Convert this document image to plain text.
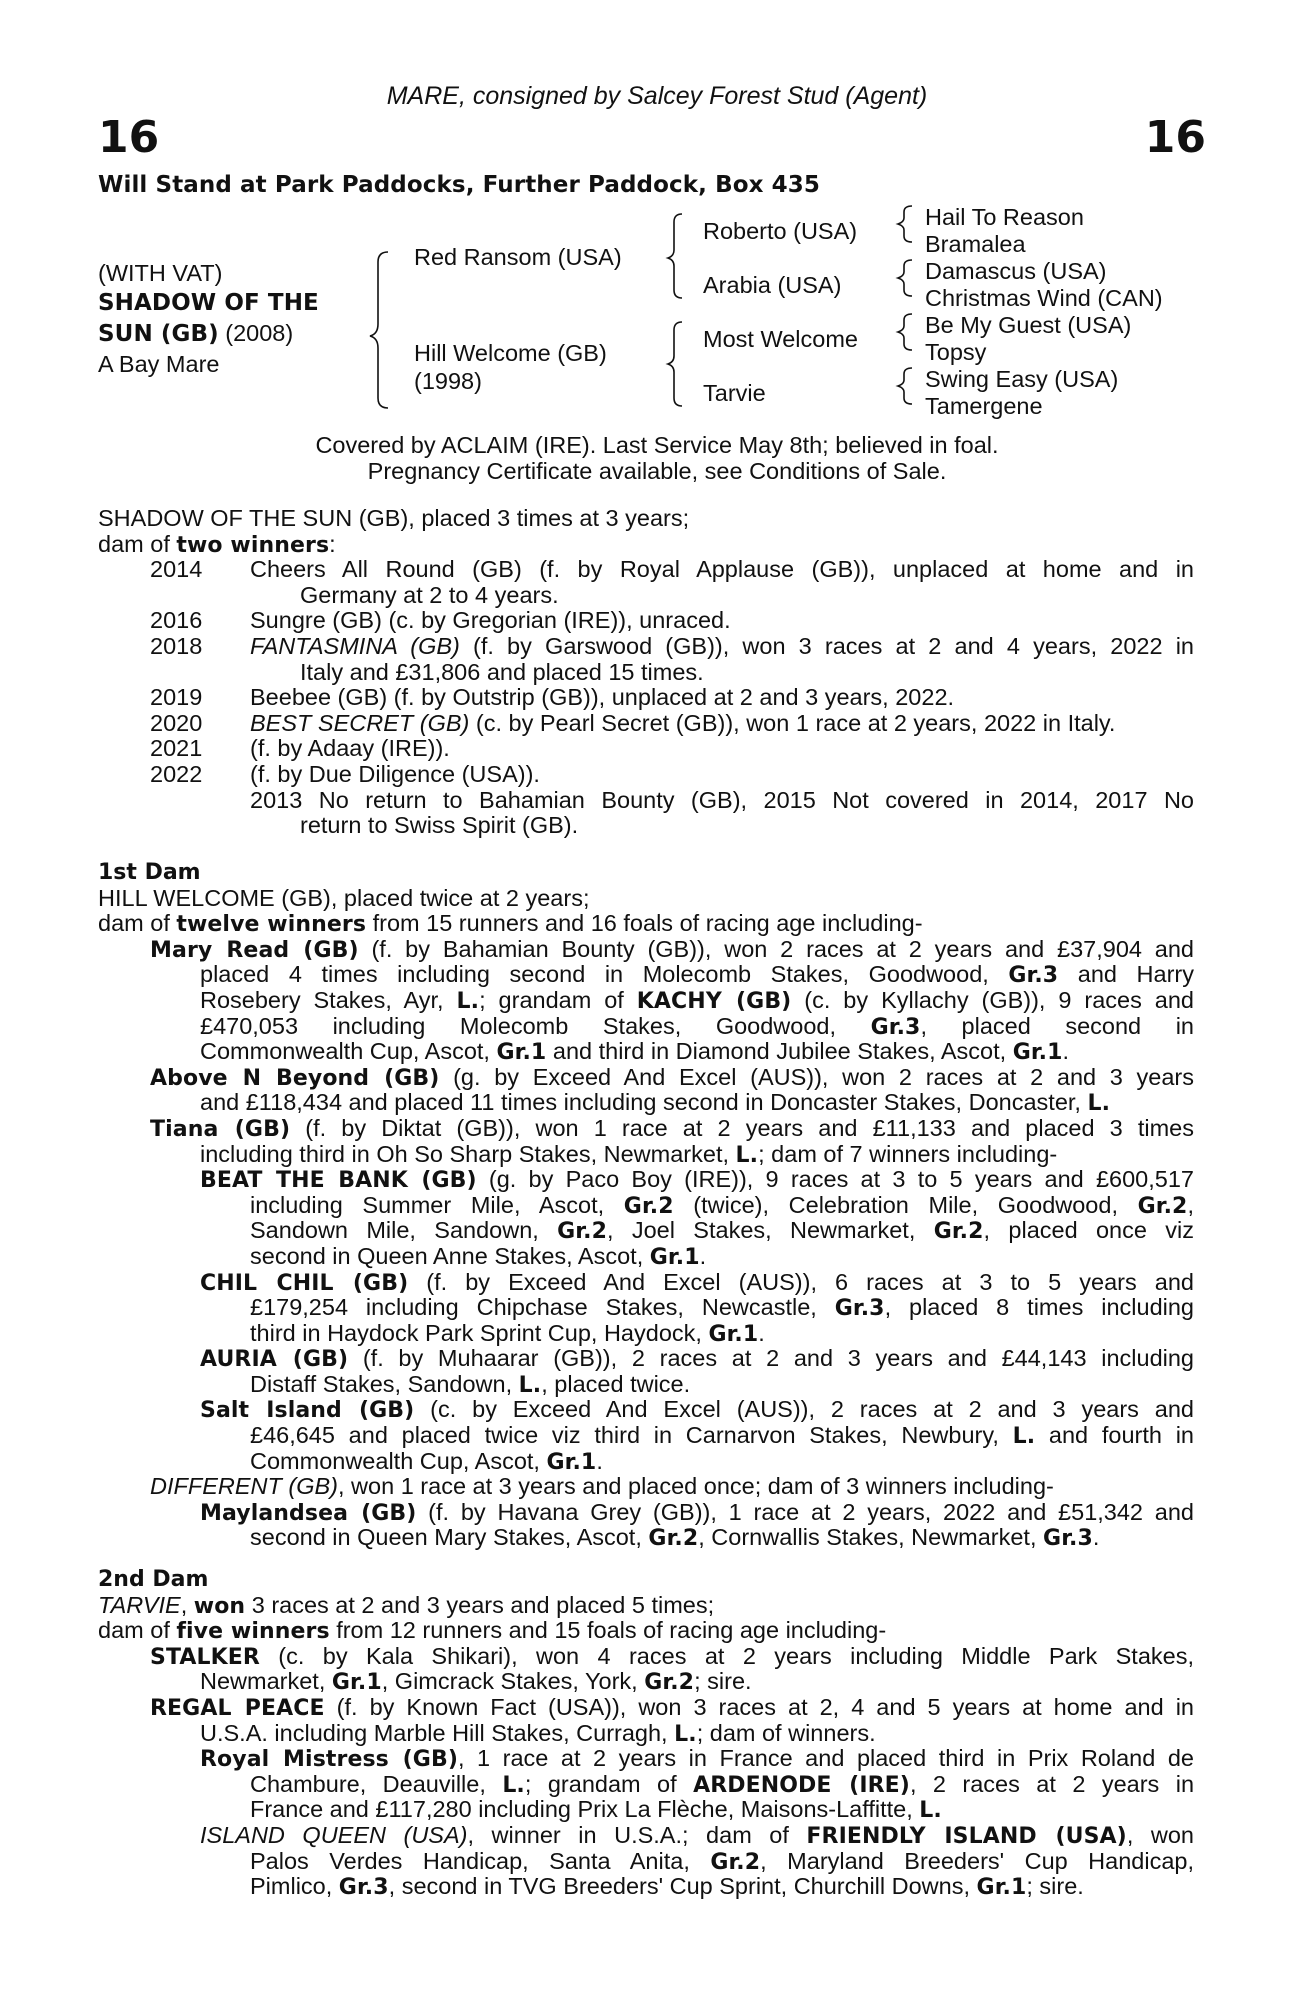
MARE, consigned by Salcey Forest Stud (Agent)
16	16
Will Stand at Park Paddocks, Further Paddock, Box 435
(WITH VAT)
SHADOW OF THE
SUN (GB) (2008)
A Bay Mare
Red Ransom (USA)
Hill Welcome (GB)
(1998)
Roberto (USA)
Arabia (USA)
Most Welcome
Tarvie
Hail To Reason
Bramalea
Damascus (USA)
Christmas Wind (CAN)
Be My Guest (USA)
Topsy
Swing Easy (USA)
Tamergene
Covered by ACLAIM (IRE). Last Service May 8th; believed in foal.
Pregnancy Certificate available, see Conditions of Sale.
SHADOW OF THE SUN (GB), placed 3 times at 3 years;
dam of two winners:
2014	Cheers All Round (GB) (f. by Royal Applause (GB)), unplaced at home and in
Germany at 2 to 4 years.
2016	Sungre (GB) (c. by Gregorian (IRE)), unraced.
2018	FANTASMINA (GB) (f. by Garswood (GB)), won 3 races at 2 and 4 years, 2022 in
Italy and £31,806 and placed 15 times.
2019	Beebee (GB) (f. by Outstrip (GB)), unplaced at 2 and 3 years, 2022.
2020	BEST SECRET (GB) (c. by Pearl Secret (GB)), won 1 race at 2 years, 2022 in Italy.
2021	(f. by Adaay (IRE)).
2022	(f. by Due Diligence (USA)).
2013 No return to Bahamian Bounty (GB), 2015 Not covered in 2014, 2017 No
return to Swiss Spirit (GB).
1st Dam
HILL WELCOME (GB), placed twice at 2 years;
dam of twelve winners from 15 runners and 16 foals of racing age including-
Mary Read (GB) (f. by Bahamian Bounty (GB)), won 2 races at 2 years and £37,904 and
placed 4 times including second in Molecomb Stakes, Goodwood, Gr.3 and Harry
Rosebery Stakes, Ayr, L.; grandam of KACHY (GB) (c. by Kyllachy (GB)), 9 races and
£470,053 including Molecomb Stakes, Goodwood, Gr.3, placed second in
Commonwealth Cup, Ascot, Gr.1 and third in Diamond Jubilee Stakes, Ascot, Gr.1.
Above N Beyond (GB) (g. by Exceed And Excel (AUS)), won 2 races at 2 and 3 years
and £118,434 and placed 11 times including second in Doncaster Stakes, Doncaster, L.
Tiana (GB) (f. by Diktat (GB)), won 1 race at 2 years and £11,133 and placed 3 times
including third in Oh So Sharp Stakes, Newmarket, L.; dam of 7 winners including-
BEAT THE BANK (GB) (g. by Paco Boy (IRE)), 9 races at 3 to 5 years and £600,517
including Summer Mile, Ascot, Gr.2 (twice), Celebration Mile, Goodwood, Gr.2,
Sandown Mile, Sandown, Gr.2, Joel Stakes, Newmarket, Gr.2, placed once viz
second in Queen Anne Stakes, Ascot, Gr.1.
CHIL CHIL (GB) (f. by Exceed And Excel (AUS)), 6 races at 3 to 5 years and
£179,254 including Chipchase Stakes, Newcastle, Gr.3, placed 8 times including
third in Haydock Park Sprint Cup, Haydock, Gr.1.
AURIA (GB) (f. by Muhaarar (GB)), 2 races at 2 and 3 years and £44,143 including
Distaff Stakes, Sandown, L., placed twice.
Salt Island (GB) (c. by Exceed And Excel (AUS)), 2 races at 2 and 3 years and
£46,645 and placed twice viz third in Carnarvon Stakes, Newbury, L. and fourth in
Commonwealth Cup, Ascot, Gr.1.
DIFFERENT (GB), won 1 race at 3 years and placed once; dam of 3 winners including-
Maylandsea (GB) (f. by Havana Grey (GB)), 1 race at 2 years, 2022 and £51,342 and
second in Queen Mary Stakes, Ascot, Gr.2, Cornwallis Stakes, Newmarket, Gr.3.
2nd Dam
TARVIE, won 3 races at 2 and 3 years and placed 5 times;
dam of five winners from 12 runners and 15 foals of racing age including-
STALKER (c. by Kala Shikari), won 4 races at 2 years including Middle Park Stakes,
Newmarket, Gr.1, Gimcrack Stakes, York, Gr.2; sire.
REGAL PEACE (f. by Known Fact (USA)), won 3 races at 2, 4 and 5 years at home and in
U.S.A. including Marble Hill Stakes, Curragh, L.; dam of winners.
Royal Mistress (GB), 1 race at 2 years in France and placed third in Prix Roland de
Chambure, Deauville, L.; grandam of ARDENODE (IRE), 2 races at 2 years in
France and £117,280 including Prix La Flèche, Maisons-Laffitte, L.
ISLAND QUEEN (USA), winner in U.S.A.; dam of FRIENDLY ISLAND (USA), won
Palos Verdes Handicap, Santa Anita, Gr.2, Maryland Breeders' Cup Handicap,
Pimlico, Gr.3, second in TVG Breeders' Cup Sprint, Churchill Downs, Gr.1; sire.
